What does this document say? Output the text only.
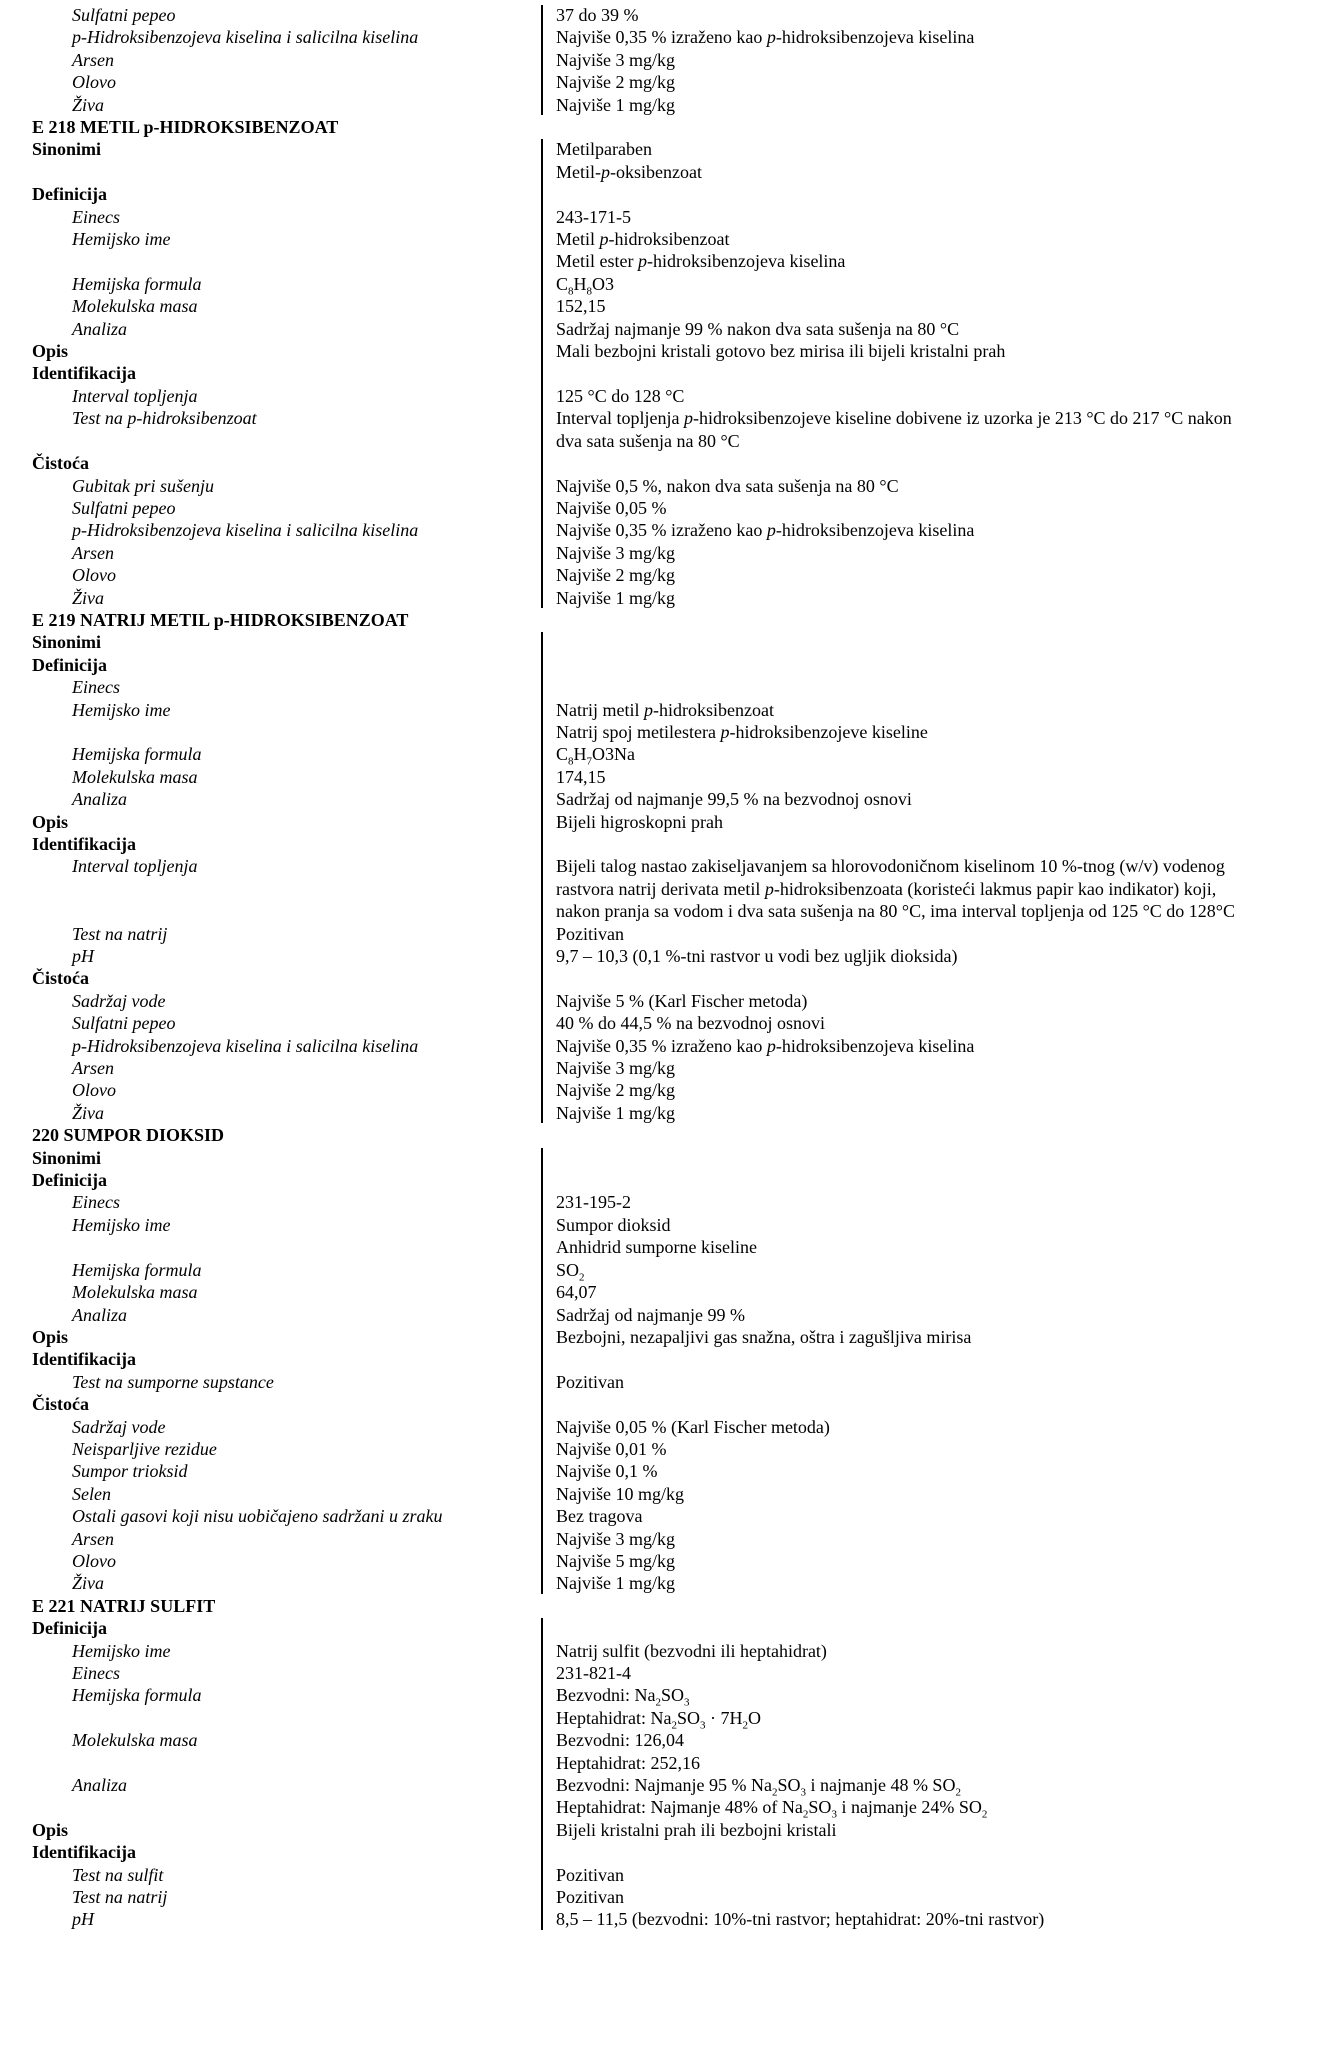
Sulfatni pepeo	37 do 39 %
p-Hidroksibenzojeva kiselina i salicilna kiselina	Najviše 0,35 % izraženo kao p-hidroksibenzojeva kiselina
Arsen	Najviše 3 mg/kg
Olovo	Najviše 2 mg/kg
Živa	Najviše 1 mg/kg
E 218 METIL p-HIDROKSIBENZOAT
Sinonimi	Metilparaben
Metil-p-oksibenzoat
Definicija
Einecs	243-171-5
Hemijsko ime	Metil p-hidroksibenzoat
Metil ester p-hidroksibenzojeva kiselina
Hemijska formula	$C_8H_8O3$
Molekulska masa	152,15
Analiza	Sadržaj najmanje 99 % nakon dva sata sušenja na 80 °C
Opis	Mali bezbojni kristali gotovo bez mirisa ili bijeli kristalni prah
Identifikacija
Interval topljenja	125 °C do 128 °C
Test na p-hidroksibenzoat	Interval topljenja p-hidroksibenzojeve kiseline dobivene iz uzorka je 213 °C do 217 °C nakon
dva sata sušenja na 80 °C
Čistoća
Gubitak pri sušenju	Najviše 0,5 %, nakon dva sata sušenja na 80 °C
Sulfatni pepeo	Najviše 0,05 %
p-Hidroksibenzojeva kiselina i salicilna kiselina	Najviše 0,35 % izraženo kao p-hidroksibenzojeva kiselina
Arsen	Najviše 3 mg/kg
Olovo	Najviše 2 mg/kg
Živa	Najviše 1 mg/kg
E 219 NATRIJ METIL p-HIDROKSIBENZOAT
Sinonimi
Definicija
Einecs
Hemijsko ime	Natrij metil p-hidroksibenzoat
Natrij spoj metilestera p-hidroksibenzojeve kiseline
Hemijska formula	$C_8H_7O3Na$
Molekulska masa	174,15
Analiza	Sadržaj od najmanje 99,5 % na bezvodnoj osnovi
Opis	Bijeli higroskopni prah
Identifikacija
Interval topljenja	Bijeli talog nastao zakiseljavanjem sa hlorovodoničnom kiselinom 10 %-tnog (w/v) vodenog
rastvora natrij derivata metil p-hidroksibenzoata (koristeći lakmus papir kao indikator) koji,
nakon pranja sa vodom i dva sata sušenja na 80 °C, ima interval topljenja od 125 °C do 128°C
Test na natrij	Pozitivan
pH	9,7 – 10,3 (0,1 %-tni rastvor u vodi bez ugljik dioksida)
Čistoća
Sadržaj vode	Najviše 5 % (Karl Fischer metoda)
Sulfatni pepeo	40 % do 44,5 % na bezvodnoj osnovi
p-Hidroksibenzojeva kiselina i salicilna kiselina	Najviše 0,35 % izraženo kao p-hidroksibenzojeva kiselina
Arsen	Najviše 3 mg/kg
Olovo	Najviše 2 mg/kg
Živa	Najviše 1 mg/kg
220 SUMPOR DIOKSID
Sinonimi
Definicija
Einecs	231-195-2
Hemijsko ime	Sumpor dioksid
Anhidrid sumporne kiseline
Hemijska formula	$SO_2$
Molekulska masa	64,07
Analiza	Sadržaj od najmanje 99 %
Opis	Bezbojni, nezapaljivi gas snažna, oštra i zagušljiva mirisa
Identifikacija
Test na sumporne supstance	Pozitivan
Čistoća
Sadržaj vode	Najviše 0,05 % (Karl Fischer metoda)
Neisparljive rezidue	Najviše 0,01 %
Sumpor trioksid	Najviše 0,1 %
Selen	Najviše 10 mg/kg
Ostali gasovi koji nisu uobičajeno sadržani u zraku	Bez tragova
Arsen	Najviše 3 mg/kg
Olovo	Najviše 5 mg/kg
Živa	Najviše 1 mg/kg
E 221 NATRIJ SULFIT
Definicija
Hemijsko ime	Natrij sulfit (bezvodni ili heptahidrat)
Einecs	231-821-4
Hemijska formula	Bezvodni: $Na_2SO_3$
Heptahidrat: $Na_2SO_3 \cdot 7H_2O$
Molekulska masa	Bezvodni: 126,04
Heptahidrat: 252,16
Analiza	Bezvodni: Najmanje 95 % $Na_2SO_3$ i najmanje 48 % $SO_2$
Heptahidrat: Najmanje 48% of $Na_2SO_3$ i najmanje 24% $SO_2$
Opis	Bijeli kristalni prah ili bezbojni kristali
Identifikacija
Test na sulfit	Pozitivan
Test na natrij	Pozitivan
pH	8,5 – 11,5 (bezvodni: 10%-tni rastvor; heptahidrat: 20%-tni rastvor)
